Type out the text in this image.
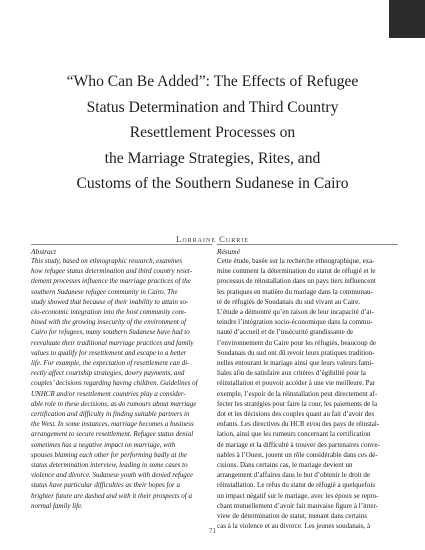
“Who Can Be Added”: The Effects of Refugee
Status Determination and Third Country
Resettlement Processes on
the Marriage Strategies, Rites, and
Customs of the Southern Sudanese in Cairo
Lorraine Currie

Abstract

This study, based on ethnographic research, examines
how refugee status determination and third country reset-
tlement processes influence the marriage practices of the
southern Sudanese refugee community in Cairo. The
study showed that because of their inability to attain so-
cio-economic integration into the host community com-
bined with the growing insecurity of the environment of
Cairo for refugees, many southern Sudanese have had to
reevaluate their traditional marriage practices and family
values to qualify for resettlement and escape to a better
life. For example, the expectation of resettlement can di-
rectly affect courtship strategies, dowry payments, and
couples’ decisions regarding having children. Guidelines of
UNHCR and/or resettlement countries play a consider-
able role in these decisions, as do rumours about marriage
certification and difficulty in finding suitable partners in
the West. In some instances, marriage becomes a business
arrangement to secure resettlement. Refugee status denial
sometimes has a negative impact on marriage, with
spouses blaming each other for performing badly at the
status determination interview, leading in some cases to
violence and divorce. Sudanese youth with denied refugee
status have particular difficulties as their hopes for a
brighter future are dashed and with it their prospects of a
normal family life.

Résumé

Cette étude, basée sur la recherche ethnographique, exa-
mine comment la détermination du statut de réfugié et le
processus de réinstallation dans un pays tiers influencent
les pratiques en matière du mariage dans la communau-
té de réfugiés de Soudanais du sud vivant au Caire.
L’étude a démontré qu’en raison de leur incapacité d’at-
teindre l’intégration socio-économique dans la commu-
nauté d’accueil et de l’insécurité grandissante de
l’environnement du Caire pour les réfugiés, beaucoup de
Soudanais du sud ont dû revoir leurs pratiques tradition-
nelles entourant le mariage ainsi que leurs valeurs fami-
liales afin de satisfaire aux critères d’égibilité pour la
réinstallation et pouvoir accéder à une vie meilleure. Par
exemple, l’espoir de la réinstallation peut directement af-
fecter les stratégies pour faire la cour, les paiements de la
dot et les décisions des couples quant au fait d’avoir des
enfants. Les directives du HCR et/ou des pays de réinstal-
lation, ainsi que les rumeurs concernant la certification
de mariage et la difficulté à trouver des partenaires conve-
nables à l’Ouest, jouent un rôle considérable dans ces dé-
cisions. Dans certains cas, le mariage devient un
arrangement d’affaires dans le but d’obtenir le droit de
réinstallation. Le refus du statut de réfugié a quelquefois
un impact négatif sur le mariage, avec les époux se repro-
chant mutuellement d’avoir fait mauvaise figure à l’inter-
view de détermination de statut, menant dans certains
cas à la violence et au divorce. Les jeunes soudanais, à

71
